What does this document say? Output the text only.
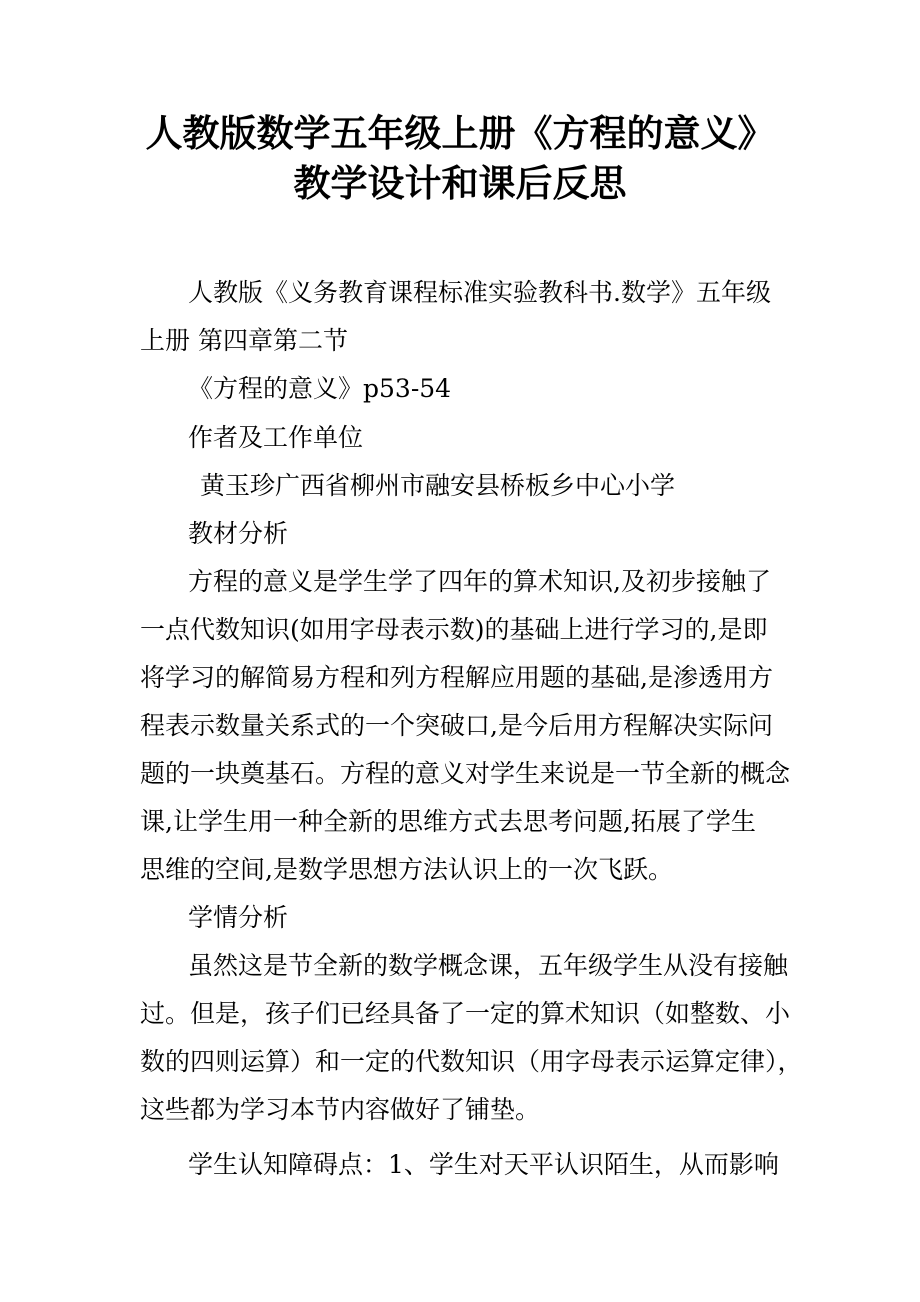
人教版数学五年级上册《方程的意义》
教学设计和课后反思

人教版《义务教育课程标准实验教科书.数学》五年级

上册 第四章第二节

《方程的意义》p53-54

作者及工作单位

黄玉珍广西省柳州市融安县桥板乡中心小学

教材分析

方程的意义是学生学了四年的算术知识,及初步接触了

一点代数知识(如用字母表示数)的基础上进行学习的,是即

将学习的解简易方程和列方程解应用题的基础,是渗透用方

程表示数量关系式的一个突破口,是今后用方程解决实际问

题的一块奠基石。方程的意义对学生来说是一节全新的概念

课,让学生用一种全新的思维方式去思考问题,拓展了学生

思维的空间,是数学思想方法认识上的一次飞跃。

学情分析

虽然这是节全新的数学概念课，五年级学生从没有接触

过。但是，孩子们已经具备了一定的算术知识（如整数、小

数的四则运算）和一定的代数知识（用字母表示运算定律），

这些都为学习本节内容做好了铺垫。

学生认知障碍点：1、学生对天平认识陌生，从而影响
